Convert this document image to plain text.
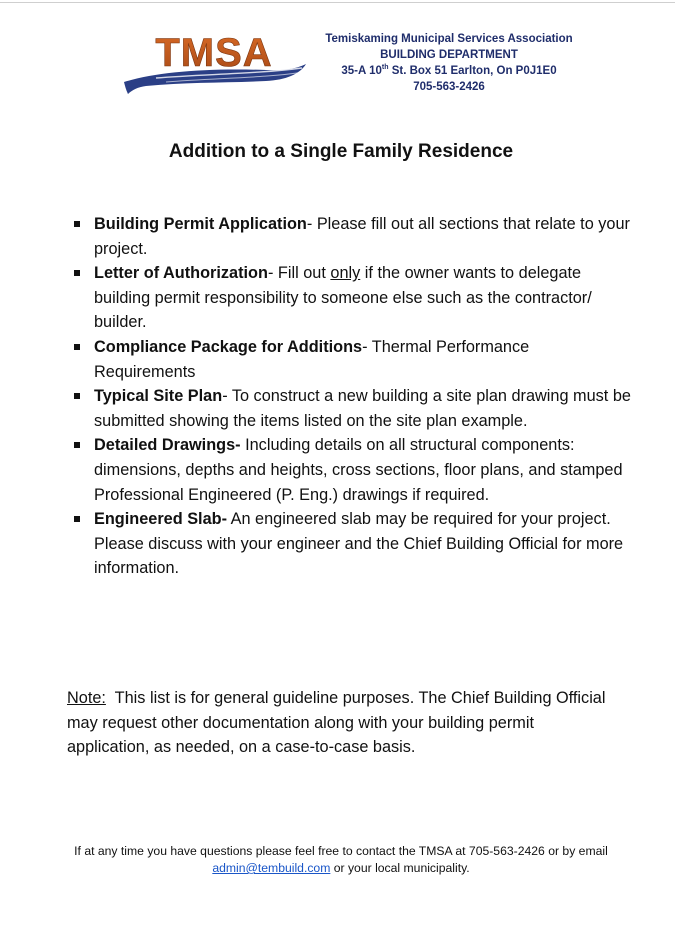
TMSA	Temiskaming Municipal Services Association
BUILDING DEPARTMENT
35-A 10th St. Box 51 Earlton, On P0J1E0
705-563-2426
Addition to a Single Family Residence
Building Permit Application- Please fill out all sections that relate to your project.
Letter of Authorization- Fill out only if the owner wants to delegate building permit responsibility to someone else such as the contractor/ builder.
Compliance Package for Additions- Thermal Performance Requirements
Typical Site Plan- To construct a new building a site plan drawing must be submitted showing the items listed on the site plan example.
Detailed Drawings- Including details on all structural components: dimensions, depths and heights, cross sections, floor plans, and stamped Professional Engineered (P. Eng.) drawings if required.
Engineered Slab- An engineered slab may be required for your project. Please discuss with your engineer and the Chief Building Official for more information.
Note:  This list is for general guideline purposes. The Chief Building Official may request other documentation along with your building permit application, as needed, on a case-to-case basis.
If at any time you have questions please feel free to contact the TMSA at 705-563-2426 or by email admin@tembuild.com or your local municipality.
